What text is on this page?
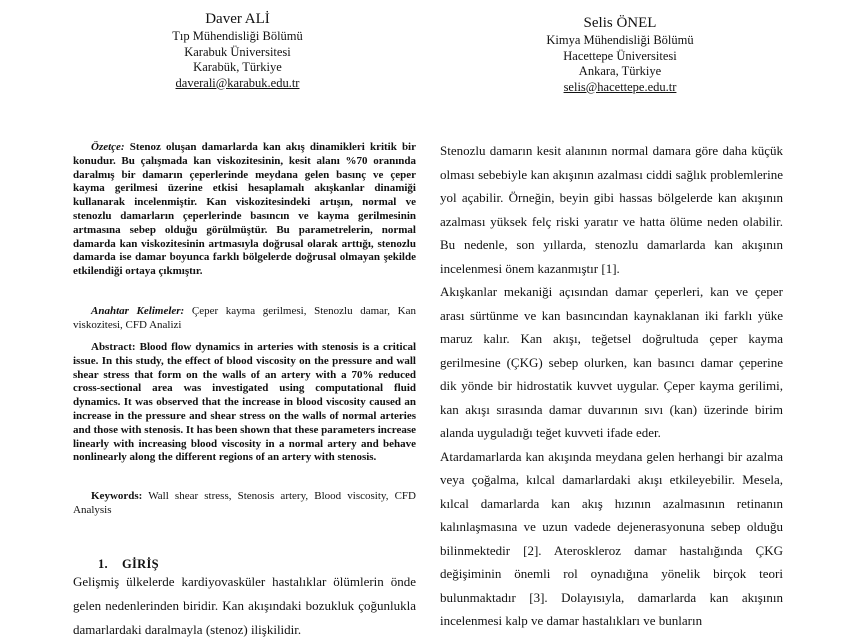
Daver ALİ
Tıp Mühendisliği Bölümü
Karabuk Üniversitesi
Karabük, Türkiye
daverali@karabuk.edu.tr
Selis ÖNEL
Kimya Mühendisliği Bölümü
Hacettepe Üniversitesi
Ankara, Türkiye
selis@hacettepe.edu.tr

Özetçe: Stenoz oluşan damarlarda kan akış dinamikleri kritik bir konudur. Bu çalışmada kan viskozitesinin, kesit alanı %70 oranında daralmış bir damarın çeperlerinde meydana gelen basınç ve çeper kayma gerilmesi üzerine etkisi hesaplamalı akışkanlar dinamiği kullanarak incelenmiştir. Kan viskozitesindeki artışın, normal ve stenozlu damarların çeperlerinde basıncın ve kayma gerilmesinin artmasına sebep olduğu görülmüştür. Bu parametrelerin, normal damarda kan viskozitesinin artmasıyla doğrusal olarak arttığı, stenozlu damarda ise damar boyunca farklı bölgelerde doğrusal olmayan şekilde etkilendiği ortaya çıkmıştır.

Anahtar Kelimeler: Çeper kayma gerilmesi, Stenozlu damar, Kan viskozitesi, CFD Analizi

Abstract: Blood flow dynamics in arteries with stenosis is a critical issue. In this study, the effect of blood viscosity on the pressure and wall shear stress that form on the walls of an artery with a 70% reduced cross-sectional area was investigated using computational fluid dynamics. It was observed that the increase in blood viscosity caused an increase in the pressure and shear stress on the walls of normal arteries and those with stenosis. It has been shown that these parameters increase linearly with increasing blood viscosity in a normal artery and behave nonlinearly along the different regions of an artery with stenosis.

Keywords: Wall shear stress, Stenosis artery, Blood viscosity, CFD Analysis

1. GİRİŞ

Gelişmiş ülkelerde kardiyovasküler hastalıklar ölümlerin önde gelen nedenlerinden biridir. Kan akışındaki bozukluk çoğunlukla damarlardaki daralmayla (stenoz) ilişkilidir.

Stenozlu damarın kesit alanının normal damara göre daha küçük olması sebebiyle kan akışının azalması ciddi sağlık problemlerine yol açabilir. Örneğin, beyin gibi hassas bölgelerde kan akışının azalması yüksek felç riski yaratır ve hatta ölüme neden olabilir. Bu nedenle, son yıllarda, stenozlu damarlarda kan akışının incelenmesi önem kazanmıştır [1].

Akışkanlar mekaniği açısından damar çeperleri, kan ve çeper arası sürtünme ve kan basıncından kaynaklanan iki farklı yüke maruz kalır. Kan akışı, teğetsel doğrultuda çeper kayma gerilmesine (ÇKG) sebep olurken, kan basıncı damar çeperine dik yönde bir hidrostatik kuvvet uygular. Çeper kayma gerilimi, kan akışı sırasında damar duvarının sıvı (kan) üzerinde birim alanda uyguladığı teğet kuvveti ifade eder.

Atardamarlarda kan akışında meydana gelen herhangi bir azalma veya çoğalma, kılcal damarlardaki akışı etkileyebilir. Mesela, kılcal damarlarda kan akış hızının azalmasının retinanın kalınlaşmasına ve uzun vadede dejenerasyonuna sebep olduğu bilinmektedir [2]. Ateroskleroz damar hastalığında ÇKG değişiminin önemli rol oynadığına yönelik birçok teori bulunmaktadır [3]. Dolayısıyla, damarlarda kan akışının incelenmesi kalp ve damar hastalıkları ve bunların
